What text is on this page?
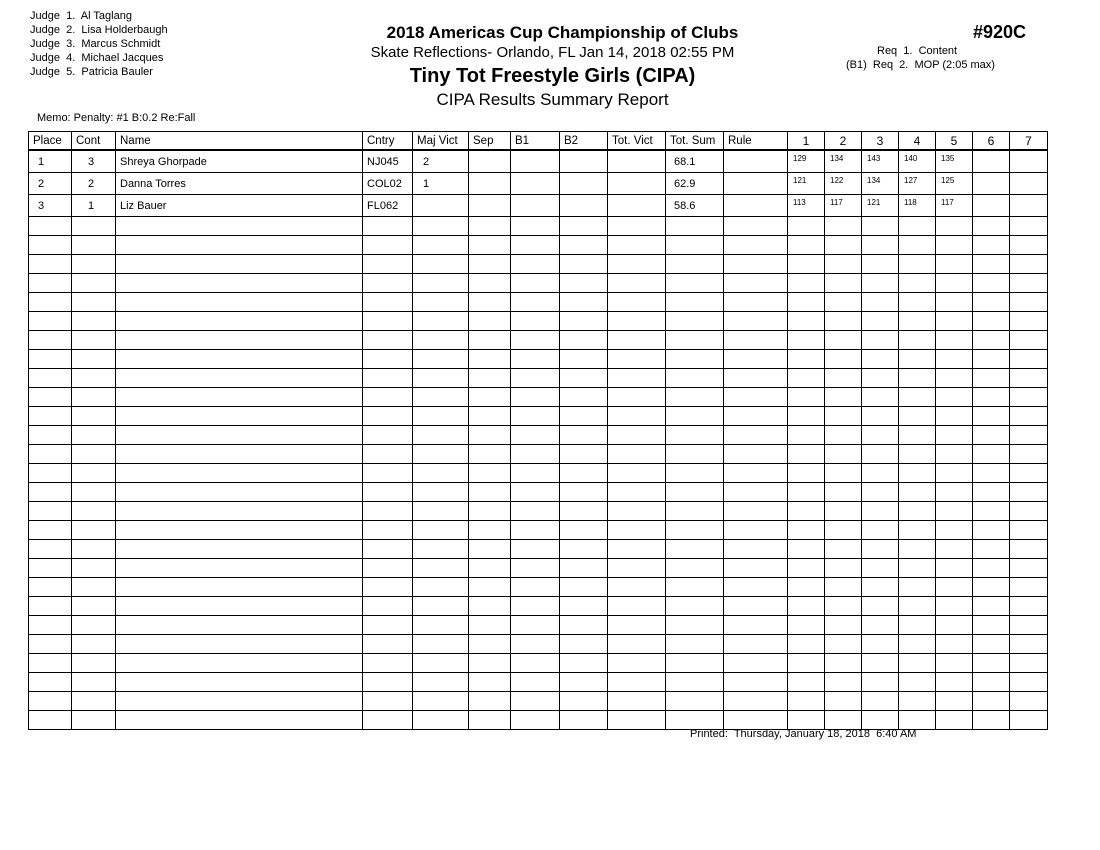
Judge  1. Al Taglang
Judge  2. Lisa Holderbaugh
Judge  3. Marcus Schmidt
Judge  4. Michael Jacques
Judge  5. Patricia Bauler
2018 Americas Cup Championship of Clubs
Skate Reflections- Orlando, FL Jan 14, 2018 02:55 PM
Tiny Tot Freestyle Girls (CIPA)
CIPA Results Summary Report
#920C
Req  1.  Content
(B1)  Req  2.  MOP (2:05 max)
Memo: Penalty: #1 B:0.2 Re:Fall
Place	Cont	Name	Cntry	Maj Vict	Sep	B1	B2	Tot. Vict	Tot. Sum	Rule	1	2	3	4	5	6	7
1	3	Shreya Ghorpade	NJ045	2					68.1		129	134	143	140	135		
2	2	Danna Torres	COL02	1					62.9		121	122	134	127	125		
3	1	Liz Bauer	FL062						58.6		113	117	121	118	117		

Printed:  Thursday, January 18, 2018  6:40 AM
